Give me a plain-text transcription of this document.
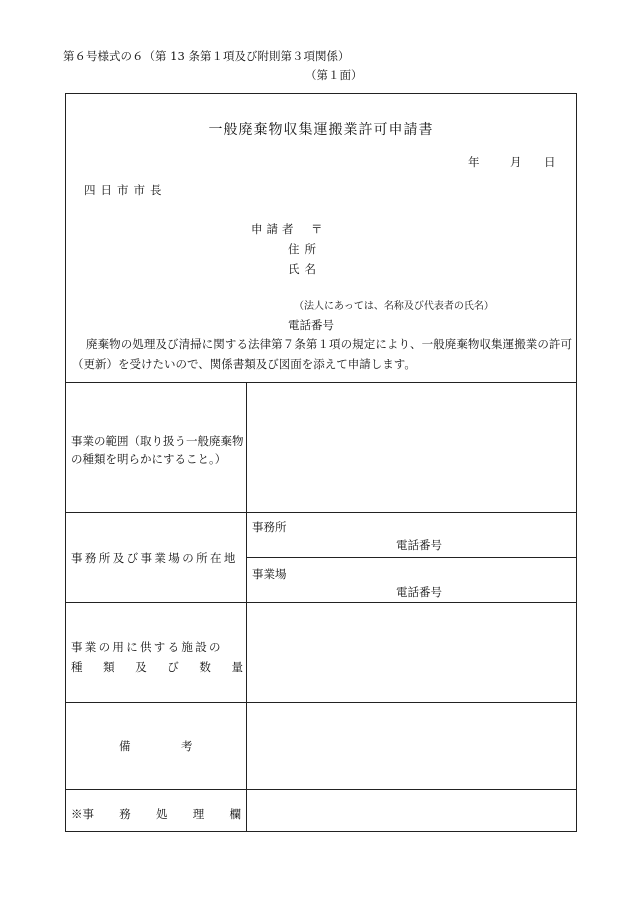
第６号様式の６（第 13 条第１項及び附則第３項関係）
（第１面）
一般廃棄物収集運搬業許可申請書
年	月 日
四日市市長
申請者 〒
住所
氏名
（法人にあっては、名称及び代表者の氏名）
電話番号
廃棄物の処理及び清掃に関する法律第７条第１項の規定により、一般廃棄物収集運搬業の許可（更新）を受けたいので、関係書類及び図面を添えて申請します。
事業の範囲（取り扱う一般廃棄物
の種類を明らかにすること。）
事務所及び事業場の所在地
事務所
電話番号
事業場
電話番号
事業の用に供する施設の
種 類 及 び 数 量
備	考
※事 務 処 理 欄
